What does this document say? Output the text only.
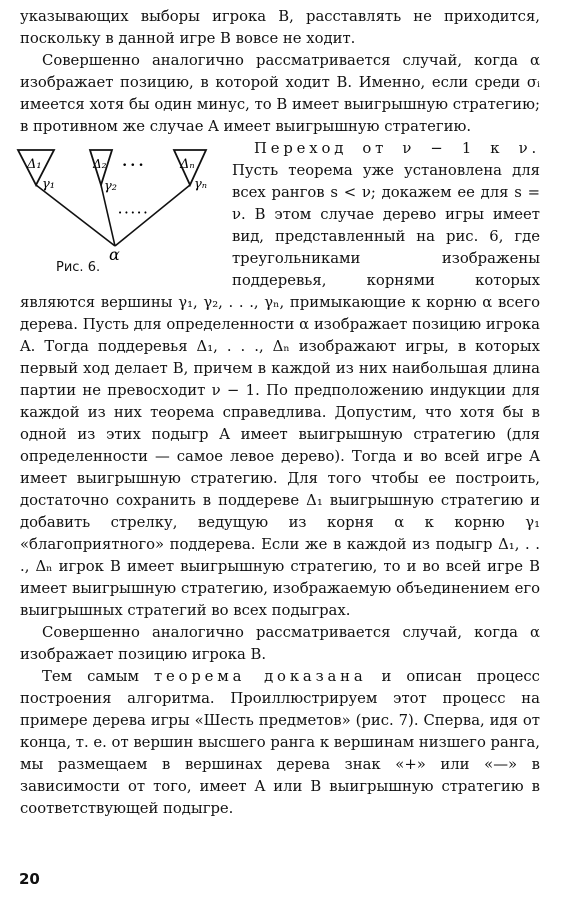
указывающих выборы игрока B, расставлять не приходится, поскольку в данной игре B вовсе не ходит.

Совершенно аналогично рассматривается случай, когда α изображает позицию, в которой ходит B. Именно, если среди σᵢ имеется хотя бы один минус, то B имеет выигрышную стратегию; в противном же случае A имеет выигрышную стратегию.

Переход от ν − 1 к ν. Пусть теорема уже установлена для всех рангов s < ν; докажем ее для s = ν. В этом случае дерево игры имеет вид, представленный на рис. 6, где треугольниками изображены поддеревья, корнями которых являются вершины γ₁, γ₂, . . ., γₙ, примыкающие к корню α всего дерева. Пусть для определенности α изображает позицию игрока A. Тогда поддеревья Δ₁, . . ., Δₙ изображают игры, в которых первый ход делает B, причем в каждой из них наибольшая длина партии не превосходит ν − 1. По предположению индукции для каждой из них теорема справедлива. Допустим, что хотя бы в одной из этих подыгр A имеет выигрышную стратегию (для определенности — самое левое дерево). Тогда и во всей игре A имеет выигрышную стратегию. Для того чтобы ее построить, достаточно сохранить в поддереве Δ₁ выигрышную стратегию и добавить стрелку, ведущую из корня α к корню γ₁ «благоприятного» поддерева. Если же в каждой из подыгр Δ₁, . . ., Δₙ игрок B имеет выигрышную стратегию, то и во всей игре B имеет выигрышную стратегию, изображаемую объединением его выигрышных стратегий во всех подыграх.

Совершенно аналогично рассматривается случай, когда α изображает позицию игрока B.

Тем самым теорема доказана и описан процесс построения алгоритма. Проиллюстрируем этот процесс на примере дерева игры «Шесть предметов» (рис. 7). Сперва, идя от конца, т. е. от вершин высшего ранга к вершинам низшего ранга, мы размещаем в вершинах дерева знак «+» или «—» в зависимости от того, имеет A или B выигрышную стратегию в соответствующей подыгре.

Δ₁	Δ₂	Δₙ
γ₁	γ₂	γₙ
• • •
• • • • •
α
Рис. 6.
20
